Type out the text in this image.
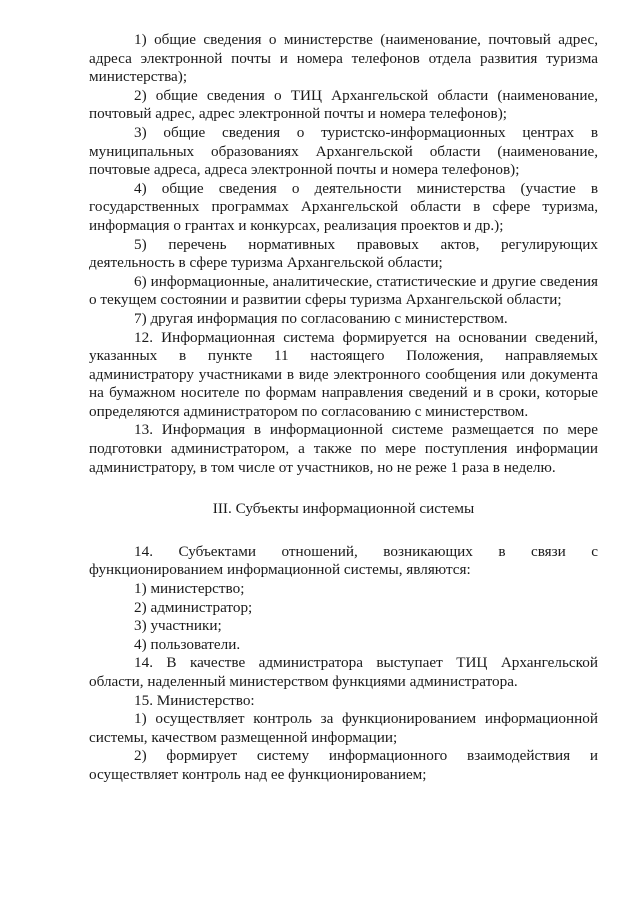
1) общие сведения о министерстве (наименование, почтовый адрес, адреса электронной почты и номера телефонов отдела развития туризма министерства);

2) общие сведения о ТИЦ Архангельской области (наименование, почтовый адрес, адрес электронной почты и номера телефонов);

3) общие сведения о туристско-информационных центрах в муниципальных образованиях Архангельской области (наименование, почтовые адреса, адреса электронной почты и номера телефонов);

4) общие сведения о деятельности министерства (участие в государственных программах Архангельской области в сфере туризма, информация о грантах и конкурсах, реализация проектов и др.);

5) перечень нормативных правовых актов, регулирующих деятельность в сфере туризма Архангельской области;

6) информационные, аналитические, статистические и другие сведения о текущем состоянии и развитии сферы туризма Архангельской области;

7) другая информация по согласованию с министерством.

12. Информационная система формируется на основании сведений, указанных в пункте 11 настоящего Положения, направляемых администратору участниками в виде электронного сообщения или документа на бумажном носителе по формам направления сведений и в сроки, которые определяются администратором по согласованию с министерством.

13. Информация в информационной системе размещается по мере подготовки администратором, а также по мере поступления информации администратору, в том числе от участников, но не реже 1 раза в неделю.

III. Субъекты информационной системы

14. Субъектами отношений, возникающих в связи с функционированием информационной системы, являются:

1) министерство;

2) администратор;

3) участники;

4) пользователи.

14. В качестве администратора выступает ТИЦ Архангельской области, наделенный министерством функциями администратора.

15. Министерство:

1) осуществляет контроль за функционированием информационной системы, качеством размещенной информации;

2) формирует систему информационного взаимодействия и осуществляет контроль над ее функционированием;
